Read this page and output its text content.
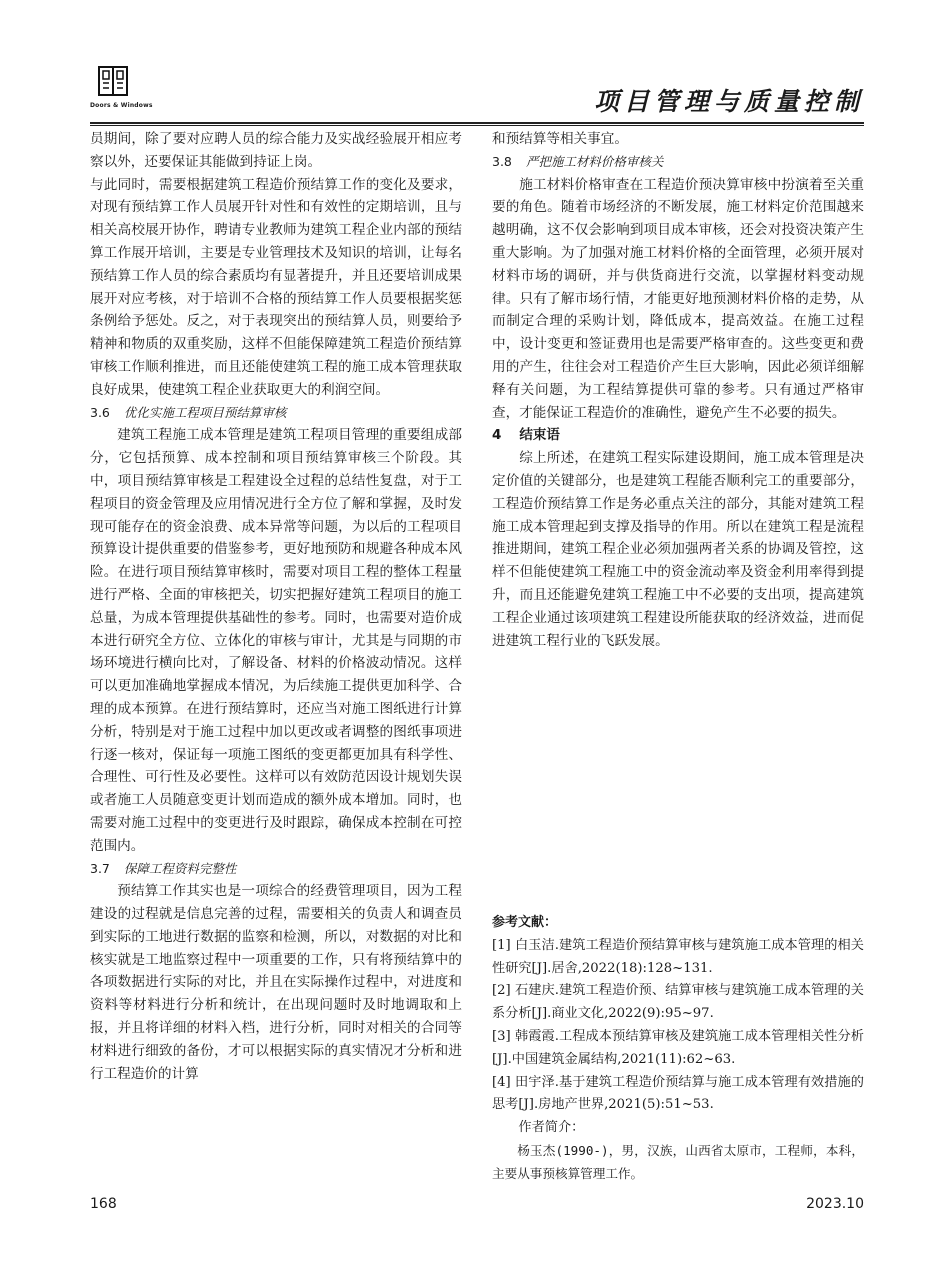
Doors & Windows	项目管理与质量控制

员期间，除了要对应聘人员的综合能力及实战经验展开相应考察以外，还要保证其能做到持证上岗。

与此同时，需要根据建筑工程造价预结算工作的变化及要求，对现有预结算工作人员展开针对性和有效性的定期培训，且与相关高校展开协作，聘请专业教师为建筑工程企业内部的预结算工作展开培训，主要是专业管理技术及知识的培训，让每名预结算工作人员的综合素质均有显著提升，并且还要培训成果展开对应考核，对于培训不合格的预结算工作人员要根据奖惩条例给予惩处。反之，对于表现突出的预结算人员，则要给予精神和物质的双重奖励，这样不但能保障建筑工程造价预结算审核工作顺利推进，而且还能使建筑工程的施工成本管理获取良好成果，使建筑工程企业获取更大的利润空间。

3.6 优化实施工程项目预结算审核

建筑工程施工成本管理是建筑工程项目管理的重要组成部分，它包括预算、成本控制和项目预结算审核三个阶段。其中，项目预结算审核是工程建设全过程的总结性复盘，对于工程项目的资金管理及应用情况进行全方位了解和掌握，及时发现可能存在的资金浪费、成本异常等问题，为以后的工程项目预算设计提供重要的借鉴参考，更好地预防和规避各种成本风险。在进行项目预结算审核时，需要对项目工程的整体工程量进行严格、全面的审核把关，切实把握好建筑工程项目的施工总量，为成本管理提供基础性的参考。同时，也需要对造价成本进行研究全方位、立体化的审核与审计，尤其是与同期的市场环境进行横向比对，了解设备、材料的价格波动情况。这样可以更加准确地掌握成本情况，为后续施工提供更加科学、合理的成本预算。在进行预结算时，还应当对施工图纸进行计算分析，特别是对于施工过程中加以更改或者调整的图纸事项进行逐一核对，保证每一项施工图纸的变更都更加具有科学性、合理性、可行性及必要性。这样可以有效防范因设计规划失误或者施工人员随意变更计划而造成的额外成本增加。同时，也需要对施工过程中的变更进行及时跟踪，确保成本控制在可控范围内。

3.7 保障工程资料完整性

预结算工作其实也是一项综合的经费管理项目，因为工程建设的过程就是信息完善的过程，需要相关的负责人和调查员到实际的工地进行数据的监察和检测，所以，对数据的对比和核实就是工地监察过程中一项重要的工作，只有将预结算中的各项数据进行实际的对比，并且在实际操作过程中，对进度和资料等材料进行分析和统计，在出现问题时及时地调取和上报，并且将详细的材料入档，进行分析，同时对相关的合同等材料进行细致的备份，才可以根据实际的真实情况才分析和进行工程造价的计算

和预结算等相关事宜。

3.8 严把施工材料价格审核关

施工材料价格审查在工程造价预决算审核中扮演着至关重要的角色。随着市场经济的不断发展，施工材料定价范围越来越明确，这不仅会影响到项目成本审核，还会对投资决策产生重大影响。为了加强对施工材料价格的全面管理，必须开展对材料市场的调研，并与供货商进行交流，以掌握材料变动规律。只有了解市场行情，才能更好地预测材料价格的走势，从而制定合理的采购计划，降低成本，提高效益。在施工过程中，设计变更和签证费用也是需要严格审查的。这些变更和费用的产生，往往会对工程造价产生巨大影响，因此必须详细解释有关问题，为工程结算提供可靠的参考。只有通过严格审查，才能保证工程造价的准确性，避免产生不必要的损失。

4 结束语

综上所述，在建筑工程实际建设期间，施工成本管理是决定价值的关键部分，也是建筑工程能否顺利完工的重要部分，工程造价预结算工作是务必重点关注的部分，其能对建筑工程施工成本管理起到支撑及指导的作用。所以在建筑工程是流程推进期间，建筑工程企业必须加强两者关系的协调及管控，这样不但能使建筑工程施工中的资金流动率及资金利用率得到提升，而且还能避免建筑工程施工中不必要的支出项，提高建筑工程企业通过该项建筑工程建设所能获取的经济效益，进而促进建筑工程行业的飞跃发展。

参考文献：

[1] 白玉洁.建筑工程造价预结算审核与建筑施工成本管理的相关性研究[J].居舍,2022(18):128~131.

[2] 石建庆.建筑工程造价预、结算审核与建筑施工成本管理的关系分析[J].商业文化,2022(9):95~97.

[3] 韩霞霞.工程成本预结算审核及建筑施工成本管理相关性分析[J].中国建筑金属结构,2021(11):62~63.

[4] 田宇泽.基于建筑工程造价预结算与施工成本管理有效措施的思考[J].房地产世界,2021(5):51~53.

作者简介：

杨玉杰(1990-)，男，汉族，山西省太原市，工程师，本科，主要从事预核算管理工作。

168	2023.10
